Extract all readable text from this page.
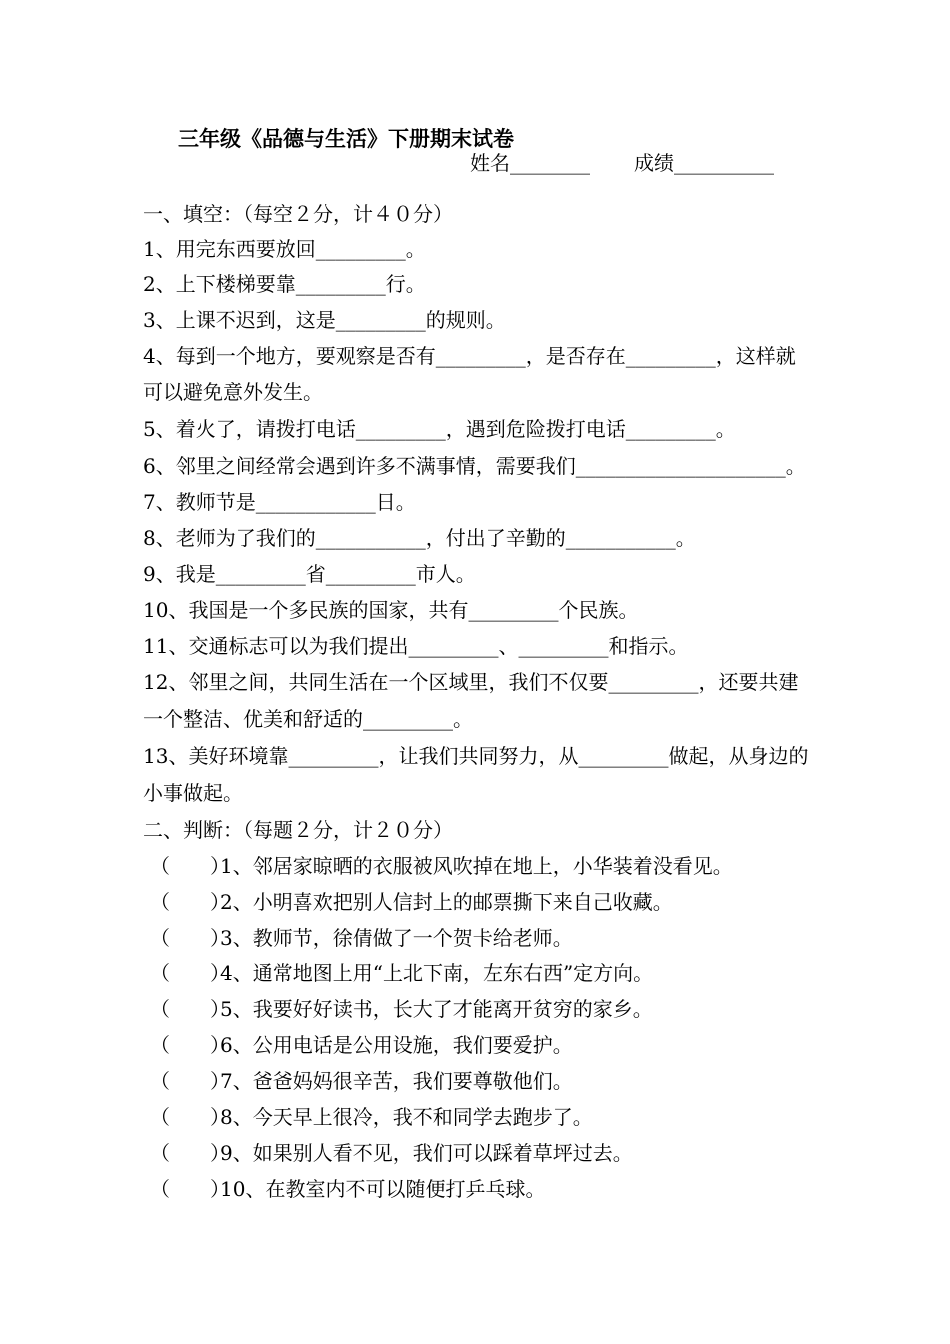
三年级《品德与生活》下册期末试卷
姓名________ 成绩__________
一、填空：（每空２分，计４０分）
1、用完东西要放回_________。
2、上下楼梯要靠_________行。
3、上课不迟到，这是_________的规则。
4、每到一个地方，要观察是否有_________，是否存在_________，这样就
可以避免意外发生。
5、着火了，请拨打电话_________，遇到危险拨打电话_________。
6、邻里之间经常会遇到许多不满事情，需要我们_____________________。
7、教师节是____________日。
8、老师为了我们的___________，付出了辛勤的___________。
9、我是_________省_________市人。
10、我国是一个多民族的国家，共有_________个民族。
11、交通标志可以为我们提出_________、_________和指示。
12、邻里之间，共同生活在一个区域里，我们不仅要_________，还要共建
一个整洁、优美和舒适的_________。
13、美好环境靠_________，让我们共同努力，从_________做起，从身边的
小事做起。
二、判断：（每题２分，计２０分）
（　　）1、邻居家晾晒的衣服被风吹掉在地上，小华装着没看见。
（　　）2、小明喜欢把别人信封上的邮票撕下来自己收藏。
（　　）3、教师节，徐倩做了一个贺卡给老师。
（　　）4、通常地图上用“上北下南，左东右西”定方向。
（　　）5、我要好好读书，长大了才能离开贫穷的家乡。
（　　）6、公用电话是公用设施，我们要爱护。
（　　）7、爸爸妈妈很辛苦，我们要尊敬他们。
（　　）8、今天早上很冷，我不和同学去跑步了。
（　　）9、如果别人看不见，我们可以踩着草坪过去。
（　　）10、在教室内不可以随便打乒乓球。
